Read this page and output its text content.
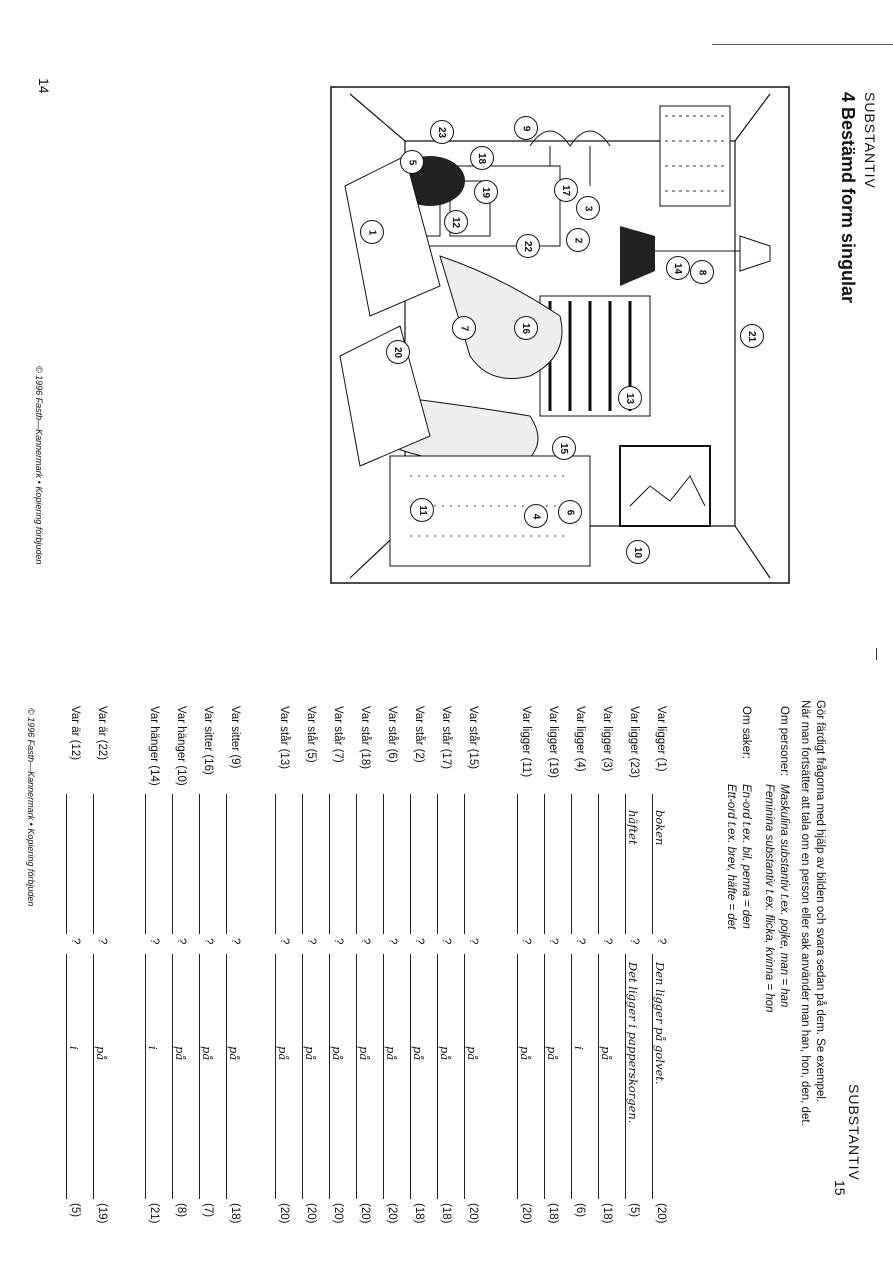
14
SUBSTANTIV
4 Bestämd form singular
© 1996 Fasth—Kannermark • Kopiering förbjuden
1
2
3
4
5
6
7
8
9
10
11
12
13
14
15
16
17
18
19
20
21
22
23
SUBSTANTIV
15
© 1996 Fasth—Kannermark • Kopiering förbjuden	Gör färdigt frågorna med hjälp av bilden och svara sedan på dem. Se exempel.
När man fortsätter att tala om en person eller sak använder man han, hon, den, det.
Om personer:
Maskulina substantiv t.ex. pojke, man = han
Feminina substantiv t.ex. flicka, kvinna = hon
Om saker:
En-ord t.ex. bil, penna = den
Ett-ord t.ex. brev, häfte = det
Var ligger (1)
boken
?
Den ligger på golvet.
(20)
Var ligger (23)
häftet
?
Det ligger i papperskorgen.
(5)
Var ligger (3)
?
på
(18)
Var ligger (4)
?
i
(6)
Var ligger (19)
?
på
(18)
Var ligger (11)
?
på
(20)
Var står (15)
?
på
(20)
Var står (17)
?
på
(18)
Var står (2)
?
på
(18)
Var står (6)
?
på
(20)
Var står (18)
?
på
(20)
Var står (7)
?
på
(20)
Var står (5)
?
på
(20)
Var står (13)
?
på
(20)
Var sitter (9)
?
på
(18)
Var sitter (16)
?
på
(7)
Var hänger (10)
?
på
(8)
Var hänger (14)
?
i
(21)
Var är (22)
?
på
(19)
Var är (12)
?
i
(5)
